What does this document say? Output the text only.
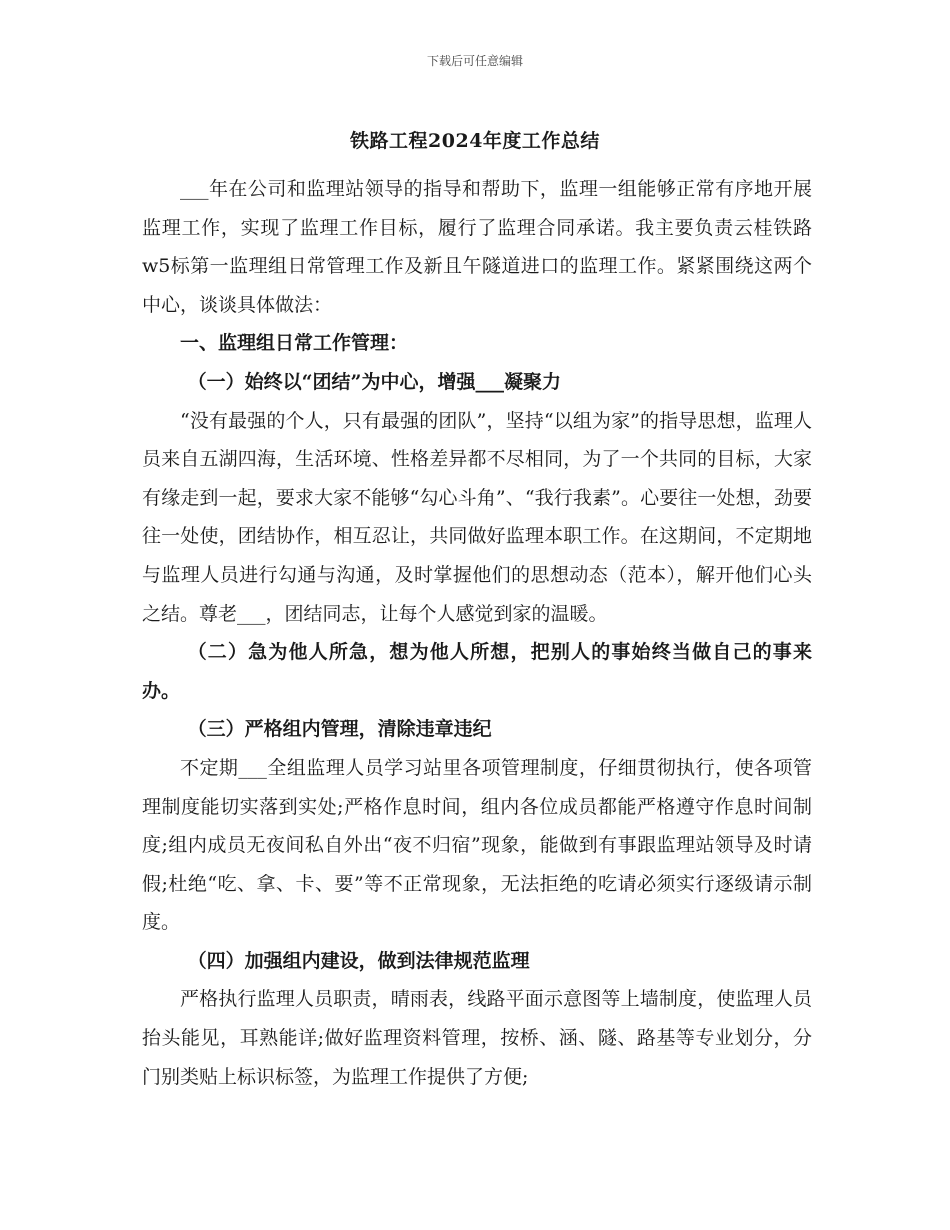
下载后可任意编辑
铁路工程2024年度工作总结

___年在公司和监理站领导的指导和帮助下，监理一组能够正常有序地开展监理工作，实现了监理工作目标，履行了监理合同承诺。我主要负责云桂铁路w5标第一监理组日常管理工作及新且午隧道进口的监理工作。紧紧围绕这两个中心，谈谈具体做法：

一、监理组日常工作管理：

（一）始终以“团结”为中心，增强___凝聚力

“没有最强的个人，只有最强的团队”，坚持“以组为家”的指导思想，监理人员来自五湖四海，生活环境、性格差异都不尽相同，为了一个共同的目标，大家有缘走到一起，要求大家不能够“勾心斗角”、“我行我素”。心要往一处想，劲要往一处使，团结协作，相互忍让，共同做好监理本职工作。在这期间，不定期地与监理人员进行勾通与沟通，及时掌握他们的思想动态（范本），解开他们心头之结。尊老___，团结同志，让每个人感觉到家的温暖。

（二）急为他人所急，想为他人所想，把别人的事始终当做自己的事来办。

（三）严格组内管理，清除违章违纪

不定期___全组监理人员学习站里各项管理制度，仔细贯彻执行，使各项管理制度能切实落到实处;严格作息时间，组内各位成员都能严格遵守作息时间制度;组内成员无夜间私自外出“夜不归宿”现象，能做到有事跟监理站领导及时请假;杜绝“吃、拿、卡、要”等不正常现象，无法拒绝的吃请必须实行逐级请示制度。

（四）加强组内建设，做到法律规范监理

严格执行监理人员职责，晴雨表，线路平面示意图等上墙制度，使监理人员抬头能见，耳熟能详;做好监理资料管理，按桥、涵、隧、路基等专业划分，分门别类贴上标识标签，为监理工作提供了方便;
